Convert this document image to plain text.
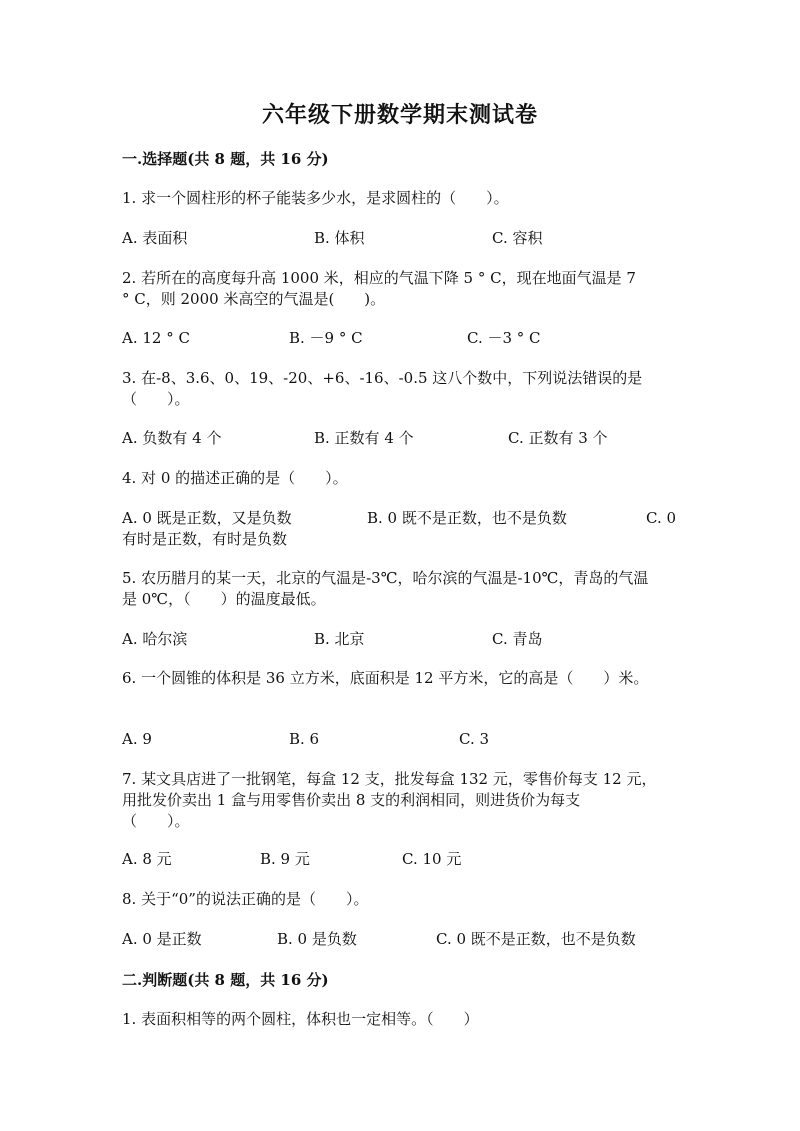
六年级下册数学期末测试卷
一.选择题(共 8 题，共 16 分)
1. 求一个圆柱形的杯子能装多少水，是求圆柱的（　　）。
A. 表面积	B. 体积	C. 容积
2. 若所在的高度每升高 1000 米，相应的气温下降 5 ° C，现在地面气温是 7
° C，则 2000 米高空的气温是(　　)。
A. 12 ° C	B. －9 ° C	C. －3 ° C
3. 在-8、3.6、0、19、-20、+6、-16、-0.5 这八个数中，下列说法错误的是
（　　）。
A. 负数有 4 个	B. 正数有 4 个	C. 正数有 3 个
4. 对 0 的描述正确的是（　　）。
A. 0 既是正数，又是负数	B. 0 既不是正数，也不是负数	C. 0
有时是正数，有时是负数
5. 农历腊月的某一天，北京的气温是-3℃，哈尔滨的气温是-10℃，青岛的气温
是 0℃，（　　）的温度最低。
A. 哈尔滨	B. 北京	C. 青岛
6. 一个圆锥的体积是 36 立方米，底面积是 12 平方米，它的高是（　　）米。
A. 9	B. 6	C. 3
7. 某文具店进了一批钢笔，每盒 12 支，批发每盒 132 元，零售价每支 12 元，
用批发价卖出 1 盒与用零售价卖出 8 支的利润相同，则进货价为每支
（　　）。
A. 8 元	B. 9 元	C. 10 元
8. 关于“0”的说法正确的是（　　）。
A. 0 是正数	B. 0 是负数	C. 0 既不是正数，也不是负数
二.判断题(共 8 题，共 16 分)
1. 表面积相等的两个圆柱，体积也一定相等。（　　）
